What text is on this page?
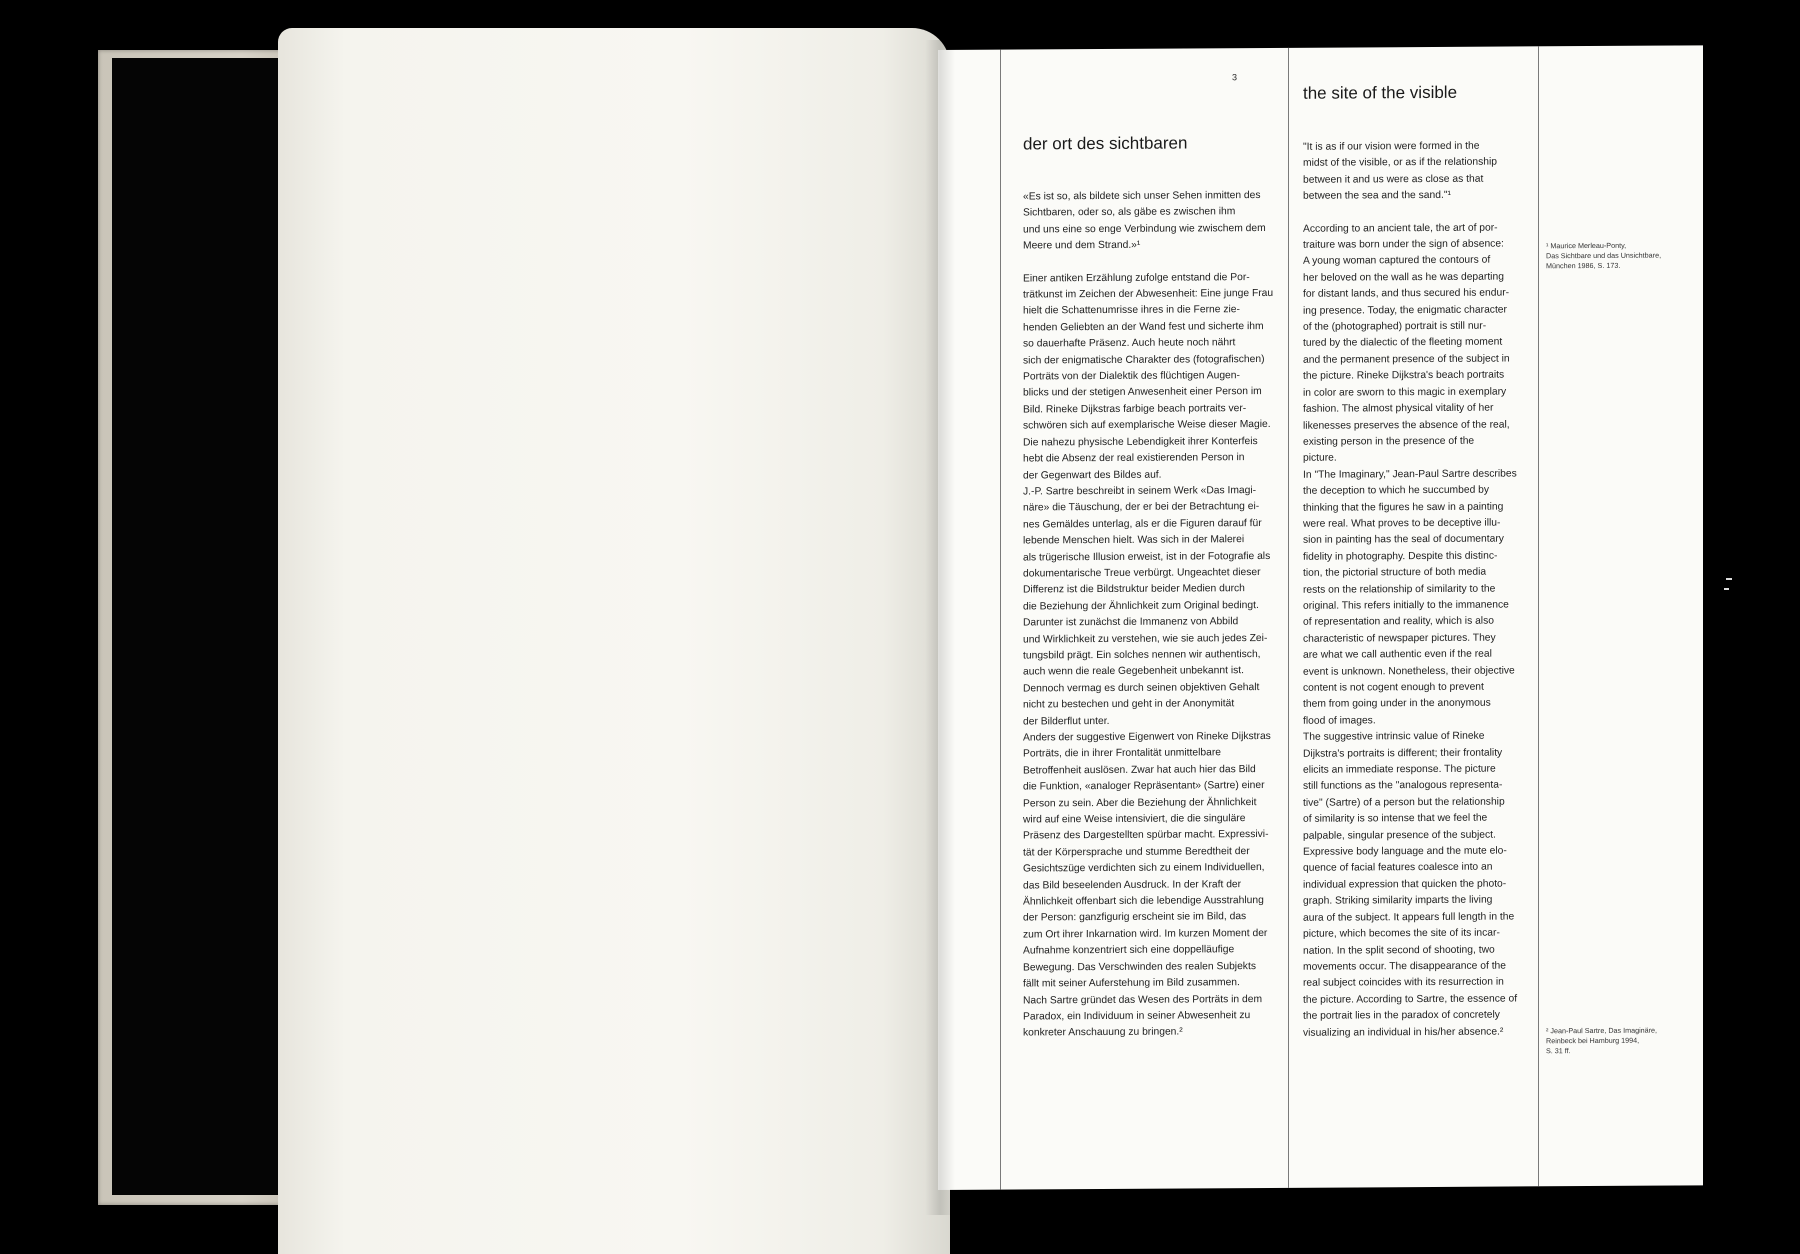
3
der ort des sichtbaren
the site of the visible

«Es ist so, als bildete sich unser Sehen inmitten des
Sichtbaren, oder so, als gäbe es zwischen ihm
und uns eine so enge Verbindung wie zwischem dem
Meere und dem Strand.»¹

Einer antiken Erzählung zufolge entstand die Por-
trätkunst im Zeichen der Abwesenheit: Eine junge Frau
hielt die Schattenumrisse ihres in die Ferne zie-
henden Geliebten an der Wand fest und sicherte ihm
so dauerhafte Präsenz. Auch heute noch nährt
sich der enigmatische Charakter des (fotografischen)
Porträts von der Dialektik des flüchtigen Augen-
blicks und der stetigen Anwesenheit einer Person im
Bild. Rineke Dijkstras farbige beach portraits ver-
schwören sich auf exemplarische Weise dieser Magie.
Die nahezu physische Lebendigkeit ihrer Konterfeis
hebt die Absenz der real existierenden Person in
der Gegenwart des Bildes auf.
J.-P. Sartre beschreibt in seinem Werk «Das Imagi-
näre» die Täuschung, der er bei der Betrachtung ei-
nes Gemäldes unterlag, als er die Figuren darauf für
lebende Menschen hielt. Was sich in der Malerei
als trügerische Illusion erweist, ist in der Fotografie als
dokumentarische Treue verbürgt. Ungeachtet dieser
Differenz ist die Bildstruktur beider Medien durch
die Beziehung der Ähnlichkeit zum Original bedingt.
Darunter ist zunächst die Immanenz von Abbild
und Wirklichkeit zu verstehen, wie sie auch jedes Zei-
tungsbild prägt. Ein solches nennen wir authentisch,
auch wenn die reale Gegebenheit unbekannt ist.
Dennoch vermag es durch seinen objektiven Gehalt
nicht zu bestechen und geht in der Anonymität
der Bilderflut unter.
Anders der suggestive Eigenwert von Rineke Dijkstras
Porträts, die in ihrer Frontalität unmittelbare
Betroffenheit auslösen. Zwar hat auch hier das Bild
die Funktion, «analoger Repräsentant» (Sartre) einer
Person zu sein. Aber die Beziehung der Ähnlichkeit
wird auf eine Weise intensiviert, die die singuläre
Präsenz des Dargestellten spürbar macht. Expressivi-
tät der Körpersprache und stumme Beredtheit der
Gesichtszüge verdichten sich zu einem Individuellen,
das Bild beseelenden Ausdruck. In der Kraft der
Ähnlichkeit offenbart sich die lebendige Ausstrahlung
der Person: ganzfigurig erscheint sie im Bild, das
zum Ort ihrer Inkarnation wird. Im kurzen Moment der
Aufnahme konzentriert sich eine doppelläufige
Bewegung. Das Verschwinden des realen Subjekts
fällt mit seiner Auferstehung im Bild zusammen.
Nach Sartre gründet das Wesen des Porträts in dem
Paradox, ein Individuum in seiner Abwesenheit zu
konkreter Anschauung zu bringen.²

"It is as if our vision were formed in the
midst of the visible, or as if the relationship
between it and us were as close as that
between the sea and the sand."¹

According to an ancient tale, the art of por-
traiture was born under the sign of absence:
A young woman captured the contours of
her beloved on the wall as he was departing
for distant lands, and thus secured his endur-
ing presence. Today, the enigmatic character
of the (photographed) portrait is still nur-
tured by the dialectic of the fleeting moment
and the permanent presence of the subject in
the picture. Rineke Dijkstra's beach portraits
in color are sworn to this magic in exemplary
fashion. The almost physical vitality of her
likenesses preserves the absence of the real,
existing person in the presence of the
picture.
In "The Imaginary," Jean-Paul Sartre describes
the deception to which he succumbed by
thinking that the figures he saw in a painting
were real. What proves to be deceptive illu-
sion in painting has the seal of documentary
fidelity in photography. Despite this distinc-
tion, the pictorial structure of both media
rests on the relationship of similarity to the
original. This refers initially to the immanence
of representation and reality, which is also
characteristic of newspaper pictures. They
are what we call authentic even if the real
event is unknown. Nonetheless, their objective
content is not cogent enough to prevent
them from going under in the anonymous
flood of images.
The suggestive intrinsic value of Rineke
Dijkstra's portraits is different; their frontality
elicits an immediate response. The picture
still functions as the "analogous representa-
tive" (Sartre) of a person but the relationship
of similarity is so intense that we feel the
palpable, singular presence of the subject.
Expressive body language and the mute elo-
quence of facial features coalesce into an
individual expression that quicken the photo-
graph. Striking similarity imparts the living
aura of the subject. It appears full length in the
picture, which becomes the site of its incar-
nation. In the split second of shooting, two
movements occur. The disappearance of the
real subject coincides with its resurrection in
the picture. According to Sartre, the essence of
the portrait lies in the paradox of concretely
visualizing an individual in his/her absence.²

¹ Maurice Merleau-Ponty,
Das Sichtbare und das Unsichtbare,
München 1986, S. 173.
² Jean-Paul Sartre, Das Imaginäre,
Reinbeck bei Hamburg 1994,
S. 31 ff.
